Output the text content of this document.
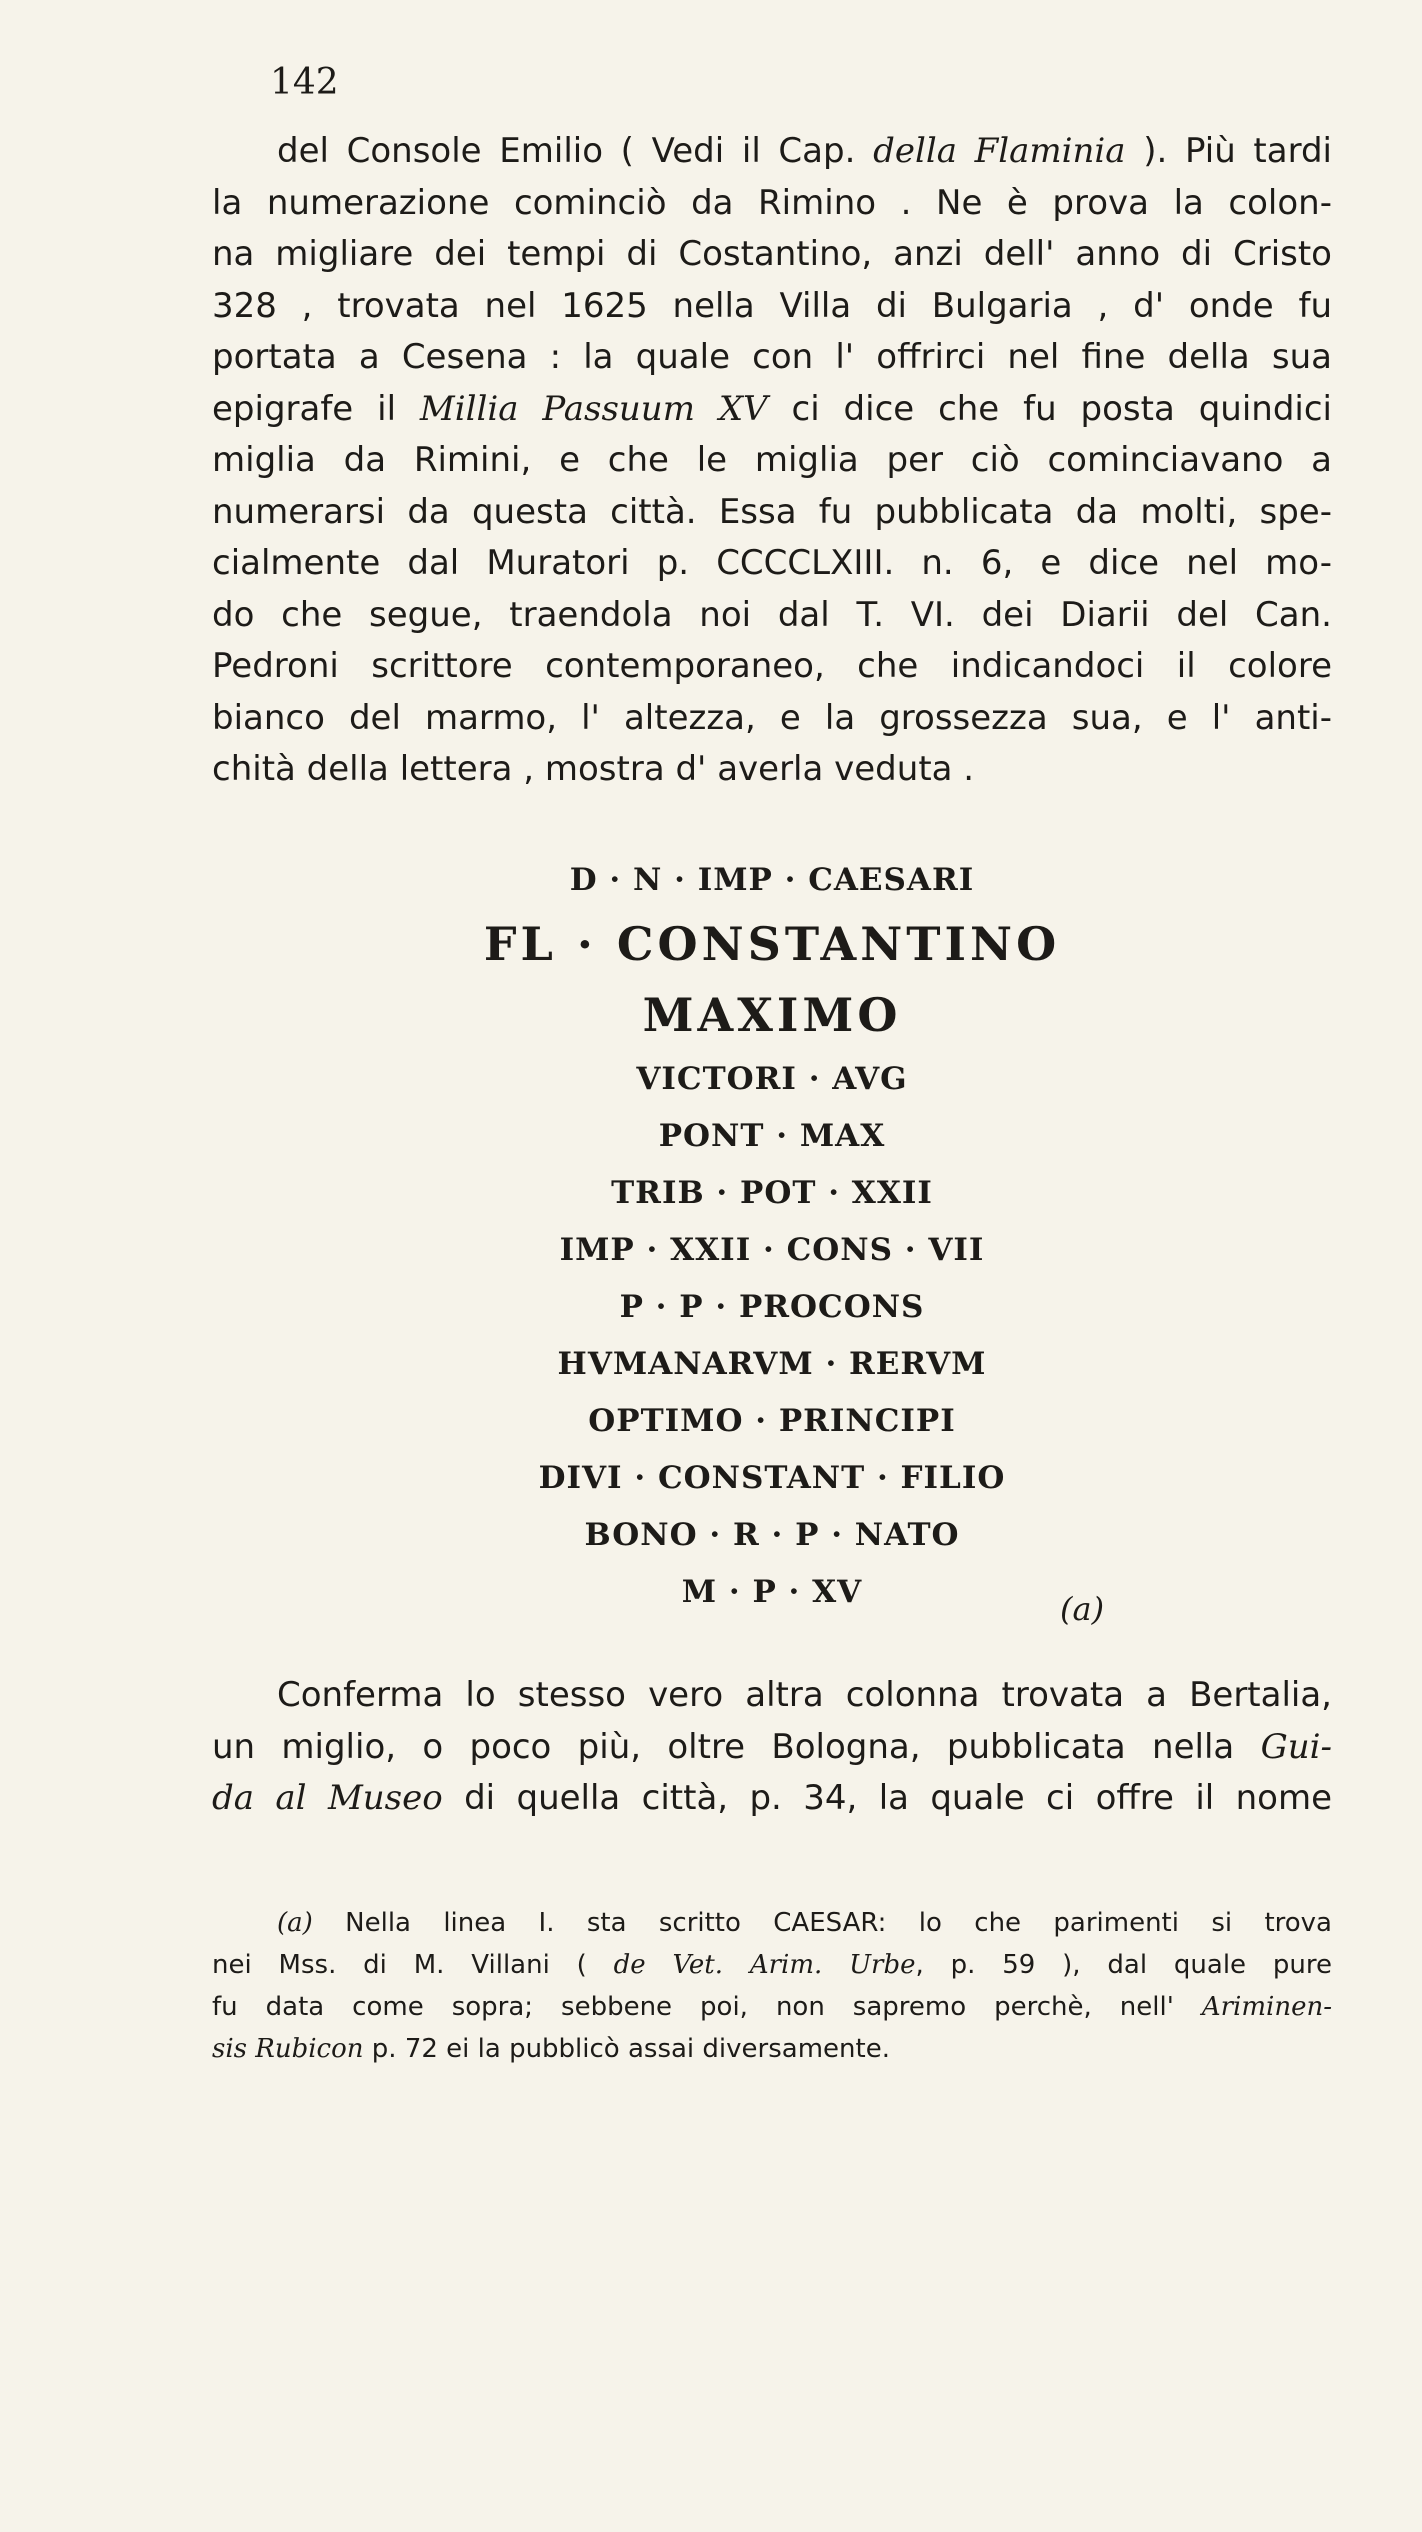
142
del Console Emilio ( Vedi il Cap. della Flaminia ). Più tardi
la numerazione cominciò da Rimino . Ne è prova la colon-
na migliare dei tempi di Costantino, anzi dell' anno di Cristo
328 , trovata nel 1625 nella Villa di Bulgaria , d' onde fu
portata a Cesena : la quale con l' offrirci nel fine della sua
epigrafe il Millia Passuum XV ci dice che fu posta quindici
miglia da Rimini, e che le miglia per ciò cominciavano a
numerarsi da questa città. Essa fu pubblicata da molti, spe-
cialmente dal Muratori p. CCCCLXIII. n. 6, e dice nel mo-
do che segue, traendola noi dal T. VI. dei Diarii del Can.
Pedroni scrittore contemporaneo, che indicandoci il colore
bianco del marmo, l' altezza, e la grossezza sua, e l' anti-
chità della lettera , mostra d' averla veduta .
D · N · IMP · CAESARI
FL · CONSTANTINO
MAXIMO
VICTORI · AVG
PONT · MAX
TRIB · POT · XXII
IMP · XXII · CONS · VII
P · P · PROCONS
HVMANARVM · RERVM
OPTIMO · PRINCIPI
DIVI · CONSTANT · FILIO
BONO · R · P · NATO
M · P · XV	(a)
Conferma lo stesso vero altra colonna trovata a Bertalia,
un miglio, o poco più, oltre Bologna, pubblicata nella Gui-
da al Museo di quella città, p. 34, la quale ci offre il nome
(a) Nella linea I. sta scritto CAESAR: lo che parimenti si trova
nei Mss. di M. Villani ( de Vet. Arim. Urbe, p. 59 ), dal quale pure
fu data come sopra; sebbene poi, non sapremo perchè, nell' Ariminen-
sis Rubicon p. 72 ei la pubblicò assai diversamente.
